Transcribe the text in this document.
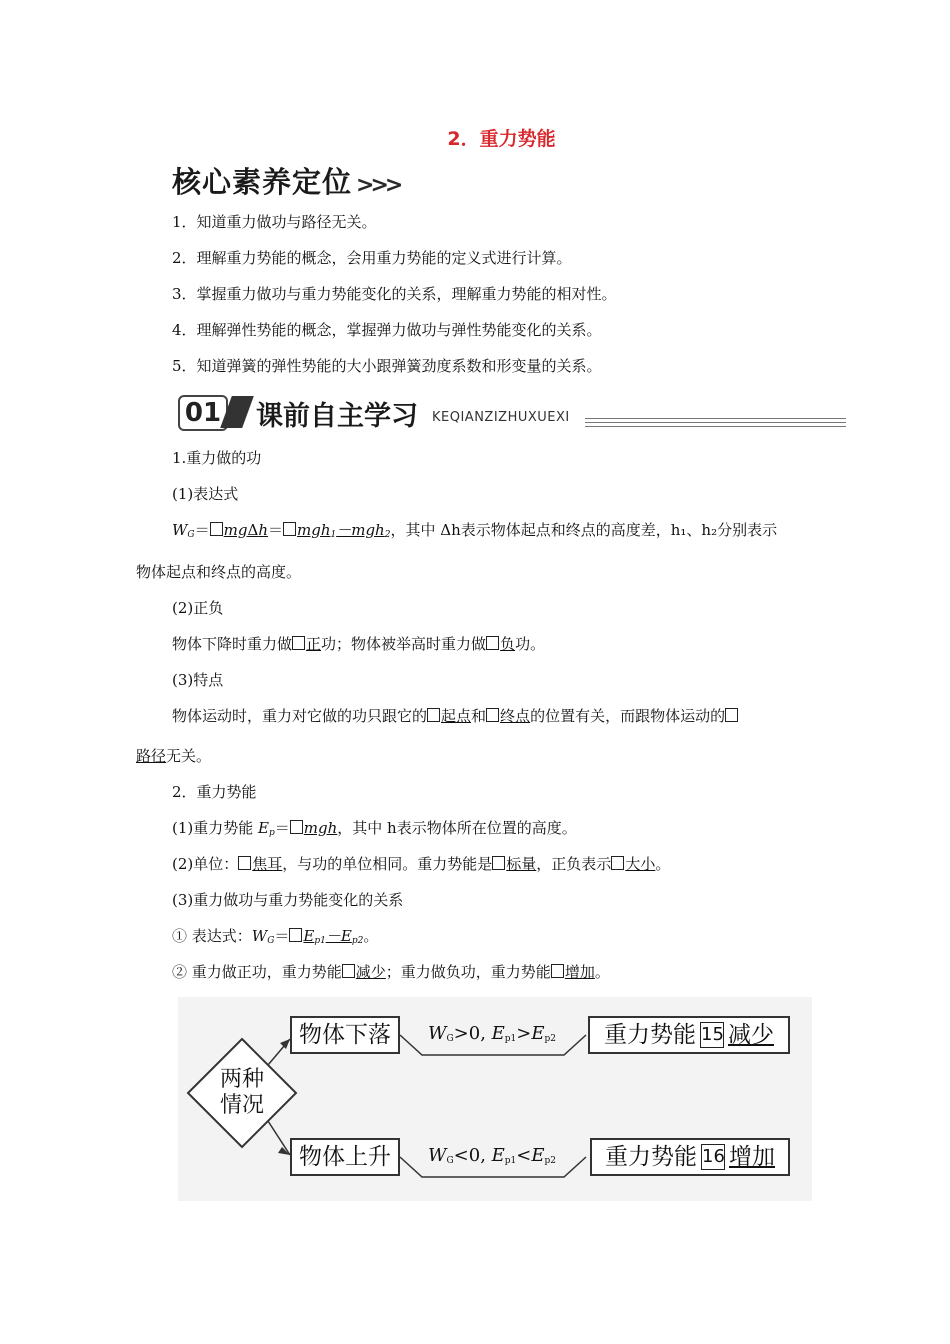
2．重力势能
核心素养定位 >>>
1．知道重力做功与路径无关。
2．理解重力势能的概念，会用重力势能的定义式进行计算。
3．掌握重力做功与重力势能变化的关系，理解重力势能的相对性。
4．理解弹性势能的概念，掌握弹力做功与弹性势能变化的关系。
5．知道弹簧的弹性势能的大小跟弹簧劲度系数和形变量的关系。
01 课前自主学习 KEQIANZIZHUXUEXI
1.重力做的功
(1)表达式
$W_G= mg\Delta h= mgh_1-mgh_2$，其中 Δh表示物体起点和终点的高度差，h₁、h₂分别表示
物体起点和终点的高度。
(2)正负
物体下降时重力做 正功；物体被举高时重力做 负功。
(3)特点
物体运动时，重力对它做的功只跟它的 起点和 终点的位置有关，而跟物体运动的
路径无关。
2．重力势能
(1)重力势能 $E_p=$ mgh，其中 h表示物体所在位置的高度。
(2)单位： 焦耳，与功的单位相同。重力势能是 标量，正负表示 大小。
(3)重力做功与重力势能变化的关系
① 表达式：$W_G= E_{p1}-E_{p2}$。
② 重力做正功，重力势能 减少；重力做负功，重力势能 增加。
两种
情况
物体下落	$W_G>0$, $E_{p1}>E_{p2}$	重力势能 15 减少
物体上升	$W_G<0$, $E_{p1}<E_{p2}$	重力势能 16 增加
